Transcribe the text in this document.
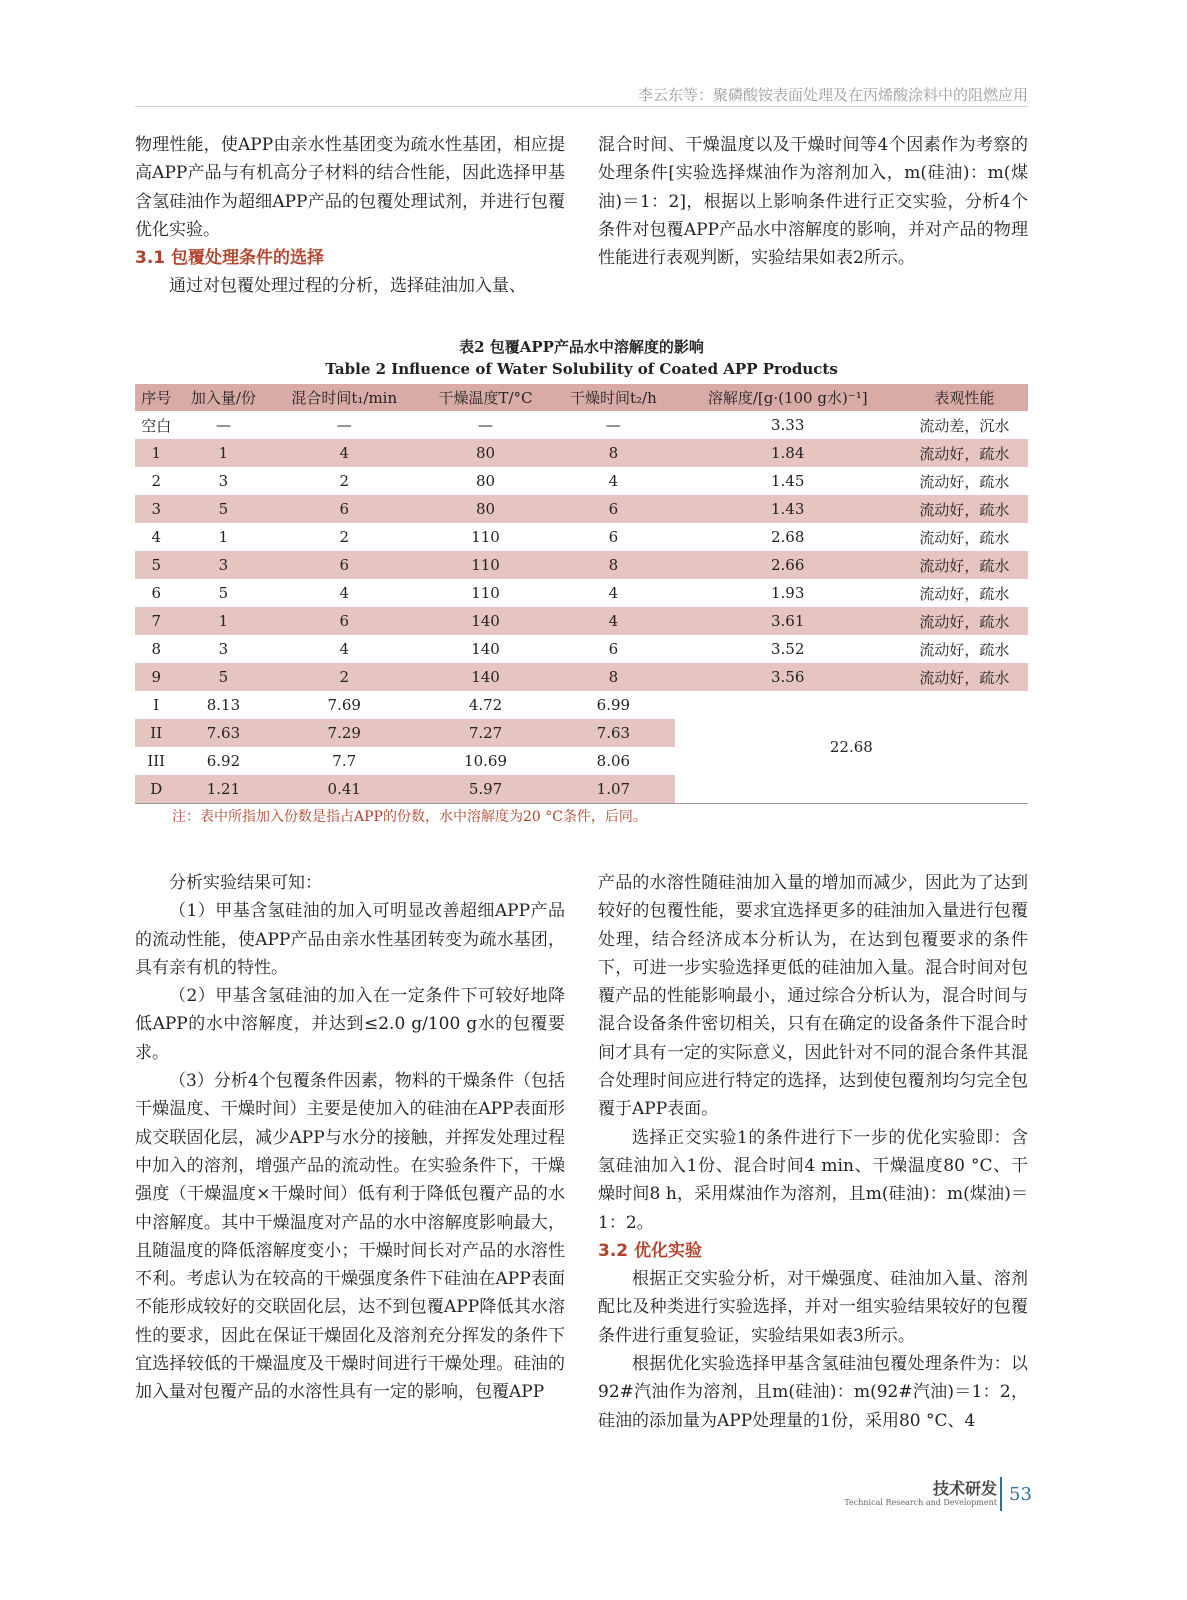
李云东等：聚磷酸铵表面处理及在丙烯酸涂料中的阻燃应用

物理性能，使APP由亲水性基团变为疏水性基团，相应提高APP产品与有机高分子材料的结合性能，因此选择甲基含氢硅油作为超细APP产品的包覆处理试剂，并进行包覆优化实验。

3.1 包覆处理条件的选择

通过对包覆处理过程的分析，选择硅油加入量、

混合时间、干燥温度以及干燥时间等4个因素作为考察的处理条件[实验选择煤油作为溶剂加入，m(硅油)：m(煤油)＝1：2]，根据以上影响条件进行正交实验，分析4个条件对包覆APP产品水中溶解度的影响，并对产品的物理性能进行表观判断，实验结果如表2所示。

表2 包覆APP产品水中溶解度的影响
Table 2 Influence of Water Solubility of Coated APP Products
序号	加入量/份	混合时间t₁/min	干燥温度T/°C	干燥时间t₂/h	溶解度/[g·(100 g水)⁻¹]	表观性能
空白	—	—	—	—	3.33	流动差，沉水
1	1	4	80	8	1.84	流动好，疏水
2	3	2	80	4	1.45	流动好，疏水
3	5	6	80	6	1.43	流动好，疏水
4	1	2	110	6	2.68	流动好，疏水
5	3	6	110	8	2.66	流动好，疏水
6	5	4	110	4	1.93	流动好，疏水
7	1	6	140	4	3.61	流动好，疏水
8	3	4	140	6	3.52	流动好，疏水
9	5	2	140	8	3.56	流动好，疏水
I	8.13	7.69	4.72	6.99	22.68	
II	7.63	7.29	7.27	7.63		
III	6.92	7.7	10.69	8.06		
D	1.21	0.41	5.97	1.07		
注：表中所指加入份数是指占APP的份数，水中溶解度为20 °C条件，后同。

分析实验结果可知：

（1）甲基含氢硅油的加入可明显改善超细APP产品的流动性能，使APP产品由亲水性基团转变为疏水基团，具有亲有机的特性。

（2）甲基含氢硅油的加入在一定条件下可较好地降低APP的水中溶解度，并达到≤2.0 g/100 g水的包覆要求。

（3）分析4个包覆条件因素，物料的干燥条件（包括干燥温度、干燥时间）主要是使加入的硅油在APP表面形成交联固化层，减少APP与水分的接触，并挥发处理过程中加入的溶剂，增强产品的流动性。在实验条件下，干燥强度（干燥温度×干燥时间）低有利于降低包覆产品的水中溶解度。其中干燥温度对产品的水中溶解度影响最大，且随温度的降低溶解度变小；干燥时间长对产品的水溶性不利。考虑认为在较高的干燥强度条件下硅油在APP表面不能形成较好的交联固化层，达不到包覆APP降低其水溶性的要求，因此在保证干燥固化及溶剂充分挥发的条件下宜选择较低的干燥温度及干燥时间进行干燥处理。硅油的加入量对包覆产品的水溶性具有一定的影响，包覆APP

产品的水溶性随硅油加入量的增加而减少，因此为了达到较好的包覆性能，要求宜选择更多的硅油加入量进行包覆处理，结合经济成本分析认为，在达到包覆要求的条件下，可进一步实验选择更低的硅油加入量。混合时间对包覆产品的性能影响最小，通过综合分析认为，混合时间与混合设备条件密切相关，只有在确定的设备条件下混合时间才具有一定的实际意义，因此针对不同的混合条件其混合处理时间应进行特定的选择，达到使包覆剂均匀完全包覆于APP表面。

选择正交实验1的条件进行下一步的优化实验即：含氢硅油加入1份、混合时间4 min、干燥温度80 °C、干燥时间8 h，采用煤油作为溶剂，且m(硅油)：m(煤油)＝1：2。

3.2 优化实验

根据正交实验分析，对干燥强度、硅油加入量、溶剂配比及种类进行实验选择，并对一组实验结果较好的包覆条件进行重复验证，实验结果如表3所示。

根据优化实验选择甲基含氢硅油包覆处理条件为：以92#汽油作为溶剂，且m(硅油)：m(92#汽油)＝1：2，硅油的添加量为APP处理量的1份，采用80 °C、4

技术研发
Technical Research and Development 53
